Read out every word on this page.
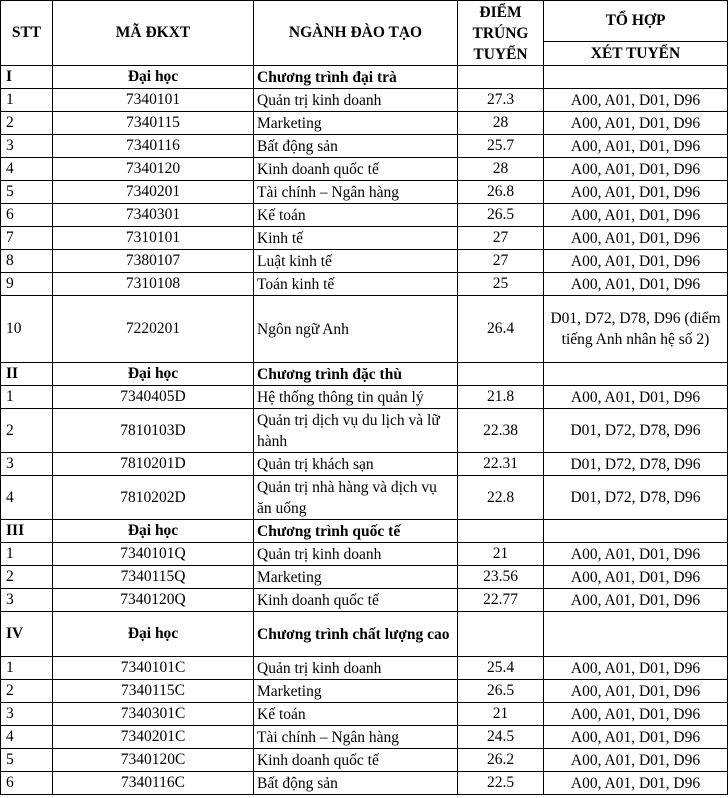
STT	MÃ ĐKXT	NGÀNH ĐÀO TẠO	ĐIỂM TRÚNG TUYỂN	TỔ HỢP
				XÉT TUYỂN
I	Đại học	Chương trình đại trà		
1	7340101	Quản trị kinh doanh	27.3	A00, A01, D01, D96
2	7340115	Marketing	28	A00, A01, D01, D96
3	7340116	Bất động sản	25.7	A00, A01, D01, D96
4	7340120	Kinh doanh quốc tế	28	A00, A01, D01, D96
5	7340201	Tài chính – Ngân hàng	26.8	A00, A01, D01, D96
6	7340301	Kế toán	26.5	A00, A01, D01, D96
7	7310101	Kinh tế	27	A00, A01, D01, D96
8	7380107	Luật kinh tế	27	A00, A01, D01, D96
9	7310108	Toán kinh tế	25	A00, A01, D01, D96
10	7220201	Ngôn ngữ Anh	26.4	D01, D72, D78, D96 (điểm tiếng Anh nhân hệ số 2)
II	Đại học	Chương trình đặc thù		
1	7340405D	Hệ thống thông tin quản lý	21.8	A00, A01, D01, D96
2	7810103D	Quản trị dịch vụ du lịch và lữ hành	22.38	D01, D72, D78, D96
3	7810201D	Quản trị khách sạn	22.31	D01, D72, D78, D96
4	7810202D	Quản trị nhà hàng và dịch vụ ăn uống	22.8	D01, D72, D78, D96
III	Đại học	Chương trình quốc tế		
1	7340101Q	Quản trị kinh doanh	21	A00, A01, D01, D96
2	7340115Q	Marketing	23.56	A00, A01, D01, D96
3	7340120Q	Kinh doanh quốc tế	22.77	A00, A01, D01, D96
IV	Đại học	Chương trình chất lượng cao		
1	7340101C	Quản trị kinh doanh	25.4	A00, A01, D01, D96
2	7340115C	Marketing	26.5	A00, A01, D01, D96
3	7340301C	Kế toán	21	A00, A01, D01, D96
4	7340201C	Tài chính – Ngân hàng	24.5	A00, A01, D01, D96
5	7340120C	Kinh doanh quốc tế	26.2	A00, A01, D01, D96
6	7340116C	Bất động sản	22.5	A00, A01, D01, D96
